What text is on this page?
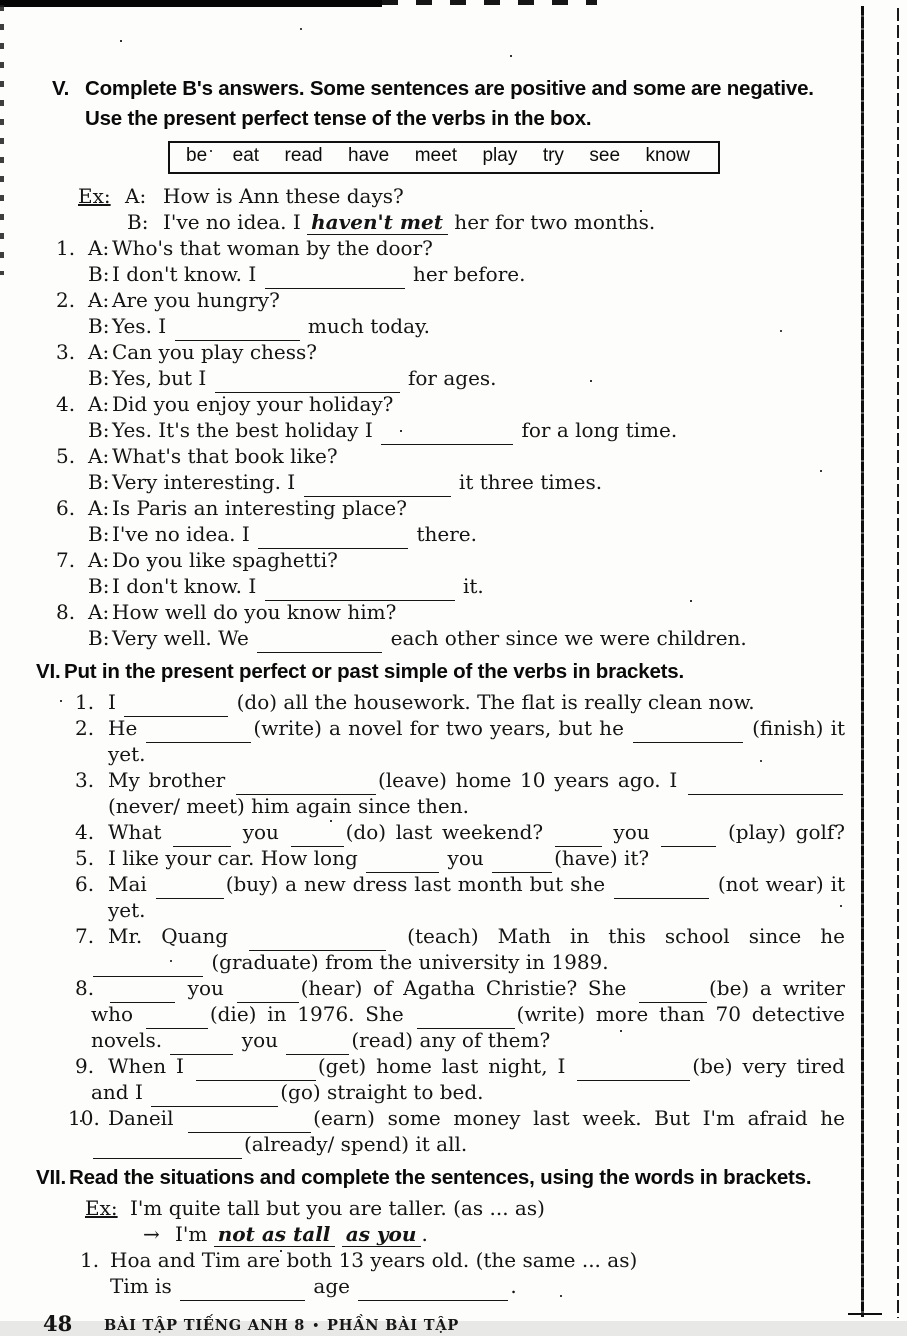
V. Complete B's answers. Some sentences are positive and some are negative.
Use the present perfect tense of the verbs in the box.
be eat read have meet play try see know
Ex: A: How is Ann these days?
B: I've no idea. I haven't met her for two months.
1. A: Who's that woman by the door?
B: I don't know. I	her before.
2. A: Are you hungry?
B: Yes. I	much today.
3. A: Can you play chess?
B: Yes, but I	for ages.
4. A: Did you enjoy your holiday?
B: Yes. It's the best holiday I	for a long time.
5. A: What's that book like?
B: Very interesting. I	it three times.
6. A: Is Paris an interesting place?
B: I've no idea. I	there.
7. A: Do you like spaghetti?
B: I don't know. I	it.
8. A: How well do you know him?
B: Very well. We	each other since we were children.
VI. Put in the present perfect or past simple of the verbs in brackets.
1. I	(do) all the housework. The flat is really clean now.
2. He	(write) a novel for two years, but he	(finish) it yet.
3. My brother	(leave) home 10 years ago. I
(never/ meet) him again since then.
4. What	you	(do) last weekend?	you	(play) golf?
5. I like your car. How long	you	(have) it?
6. Mai	(buy) a new dress last month but she	(not wear) it yet.
7. Mr. Quang	(teach) Math in this school since he
(graduate) from the university in 1989.
8.	you	(hear) of Agatha Christie? She	(be) a writer
who	(die) in 1976. She	(write) more than 70 detective
novels.	you	(read) any of them?
9. When I	(get) home last night, I	(be) very tired
and I	(go) straight to bed.
10. Daneil	(earn) some money last week. But I'm afraid he
(already/ spend) it all.
VII. Read the situations and complete the sentences, using the words in brackets.
Ex: I'm quite tall but you are taller. (as ... as)
→ I'm not as tall as you .
1. Hoa and Tim are both 13 years old. (the same ... as)
Tim is	age	.
48 BÀI TẬP TIẾNG ANH 8 • PHẦN BÀI TẬP
